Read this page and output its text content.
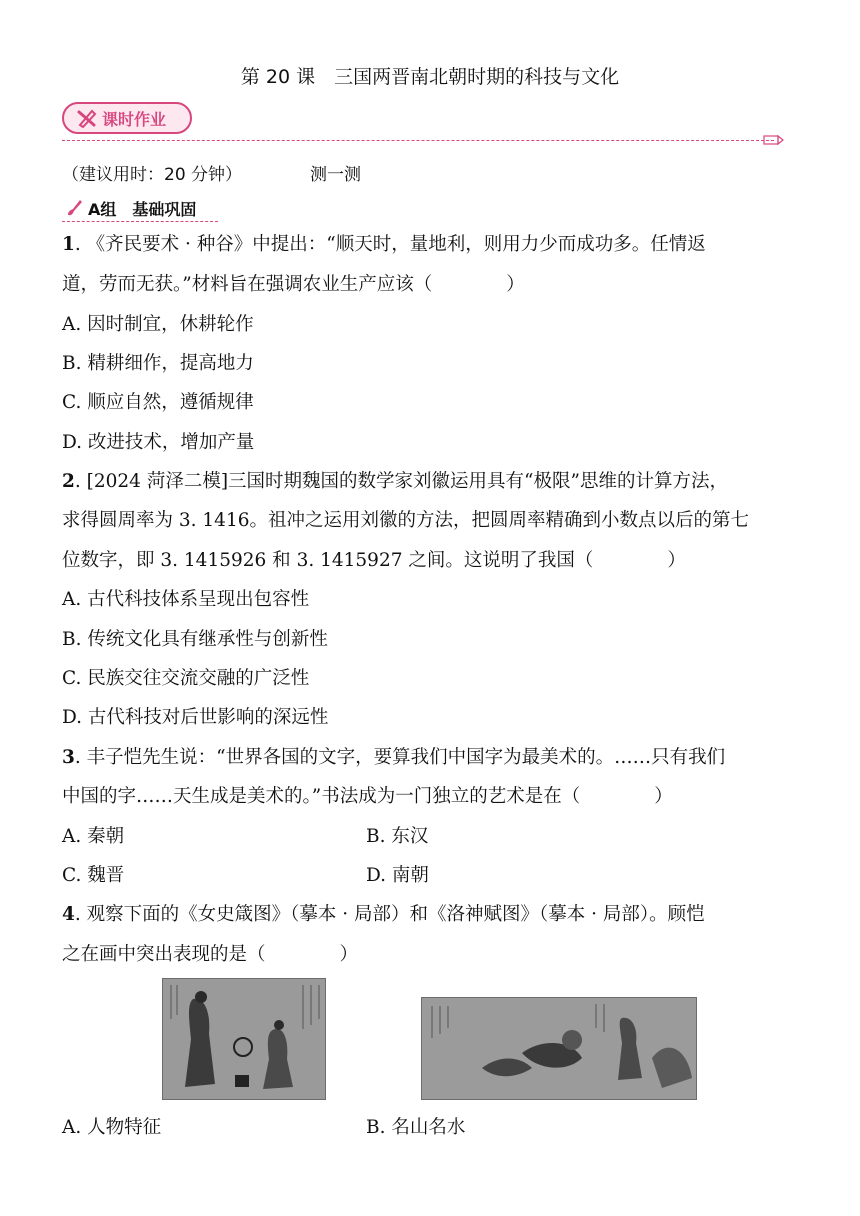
第 20 课　三国两晋南北朝时期的科技与文化
课时作业
（建议用时：20 分钟）	测一测
A组　基础巩固
1. 《齐民要术 · 种谷》中提出：“顺天时，量地利，则用力少而成功多。任情返
道，劳而无获。”材料旨在强调农业生产应该（　　　　）
A. 因时制宜，休耕轮作
B. 精耕细作，提高地力
C. 顺应自然，遵循规律
D. 改进技术，增加产量
2. [2024 菏泽二模]三国时期魏国的数学家刘徽运用具有“极限”思维的计算方法，
求得圆周率为 3. 1416。祖冲之运用刘徽的方法，把圆周率精确到小数点以后的第七
位数字，即 3. 1415926 和 3. 1415927 之间。这说明了我国（　　　　）
A. 古代科技体系呈现出包容性
B. 传统文化具有继承性与创新性
C. 民族交往交流交融的广泛性
D. 古代科技对后世影响的深远性
3. 丰子恺先生说：“世界各国的文字，要算我们中国字为最美术的。……只有我们
中国的字……天生成是美术的。”书法成为一门独立的艺术是在（　　　　）
A. 秦朝	B. 东汉
C. 魏晋	D. 南朝
4. 观察下面的《女史箴图》（摹本 · 局部）和《洛神赋图》（摹本 · 局部）。顾恺
之在画中突出表现的是（　　　　）
A. 人物特征	B. 名山名水
